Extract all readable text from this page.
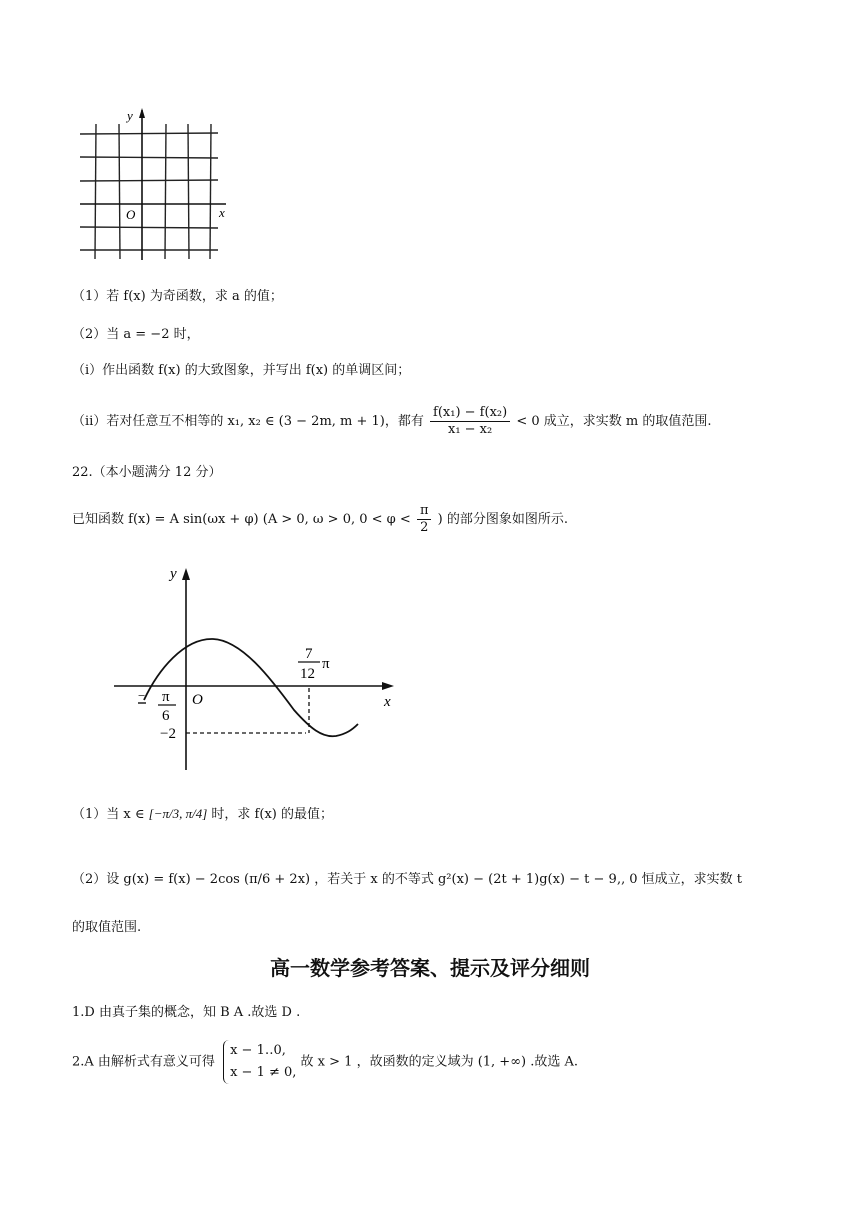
y
x
O
（1）若 f(x) 为奇函数，求 a 的值；
（2）当 a = −2 时，
（ⅰ）作出函数 f(x) 的大致图象，并写出 f(x) 的单调区间；
（ⅱ）若对任意互不相等的 x₁, x₂ ∈ (3 − 2m, m + 1)，都有 $\frac{\text{f(x₁) − f(x₂)}}{\text{x₁ − x₂}} < 0$ 成立，求实数 m 的取值范围.
22.（本小题满分 12 分）
已知函数 f(x) = A sin(ωx + φ) (A > 0, ω > 0, $0 < \varphi < \frac{\pi}{2}$ ) 的部分图象如图所示.
y
x
O
− π
6
7
12
π
−2
（1）当 x ∈ [−π/3, π/4] 时，求 f(x) 的最值；
（2）设 g(x) = f(x) − 2cos (π/6 + 2x) ，若关于 x 的不等式 g²(x) − (2t + 1)g(x) − t − 9‚‚ 0 恒成立，求实数 t
的取值范围.
高一数学参考答案、提示及评分细则
1.D 由真子集的概念，知 B A .故选 D .
2.A 由解析式有意义可得
x − 1‥0,
x − 1 ≠ 0,
故 x > 1 ，故函数的定义域为 (1, +∞) .故选 A.
